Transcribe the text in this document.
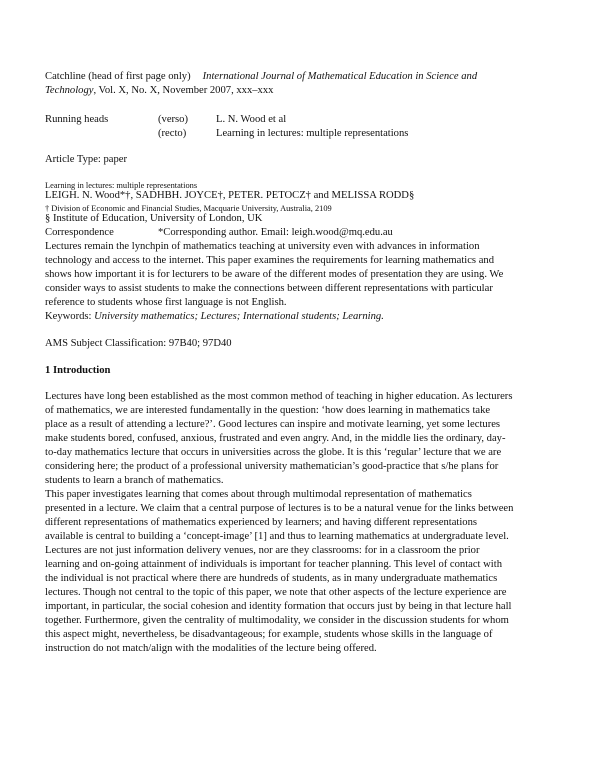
Catchline (head of first page only) International Journal of Mathematical Education in Science and
Technology, Vol. X, No. X, November 2007, xxx–xxx
Running heads	(verso)	L. N. Wood et al
(recto)	Learning in lectures: multiple representations
Article Type: paper
Learning in lectures: multiple representations
LEIGH. N. Wood*†, SADHBH. JOYCE†, PETER. PETOCZ† and MELISSA RODD§
† Division of Economic and Financial Studies, Macquarie University, Australia, 2109
§ Institute of Education, University of London, UK
Correspondence	*Corresponding author. Email: leigh.wood@mq.edu.au
Lectures remain the lynchpin of mathematics teaching at university even with advances in information
technology and access to the internet. This paper examines the requirements for learning mathematics and
shows how important it is for lecturers to be aware of the different modes of presentation they are using. We
consider ways to assist students to make the connections between different representations with particular
reference to students whose first language is not English.
Keywords: University mathematics; Lectures; International students; Learning.
AMS Subject Classification: 97B40; 97D40
1 Introduction
Lectures have long been established as the most common method of teaching in higher education. As lecturers
of mathematics, we are interested fundamentally in the question: ‘how does learning in mathematics take
place as a result of attending a lecture?’. Good lectures can inspire and motivate learning, yet some lectures
make students bored, confused, anxious, frustrated and even angry. And, in the middle lies the ordinary, day-
to-day mathematics lecture that occurs in universities across the globe. It is this ‘regular’ lecture that we are
considering here; the product of a professional university mathematician’s good-practice that s/he plans for
students to learn a branch of mathematics.
This paper investigates learning that comes about through multimodal representation of mathematics
presented in a lecture. We claim that a central purpose of lectures is to be a natural venue for the links between
different representations of mathematics experienced by learners; and having different representations
available is central to building a ‘concept-image’ [1] and thus to learning mathematics at undergraduate level.
Lectures are not just information delivery venues, nor are they classrooms: for in a classroom the prior
learning and on-going attainment of individuals is important for teacher planning. This level of contact with
the individual is not practical where there are hundreds of students, as in many undergraduate mathematics
lectures. Though not central to the topic of this paper, we note that other aspects of the lecture experience are
important, in particular, the social cohesion and identity formation that occurs just by being in that lecture hall
together. Furthermore, given the centrality of multimodality, we consider in the discussion students for whom
this aspect might, nevertheless, be disadvantageous; for example, students whose skills in the language of
instruction do not match/align with the modalities of the lecture being offered.
